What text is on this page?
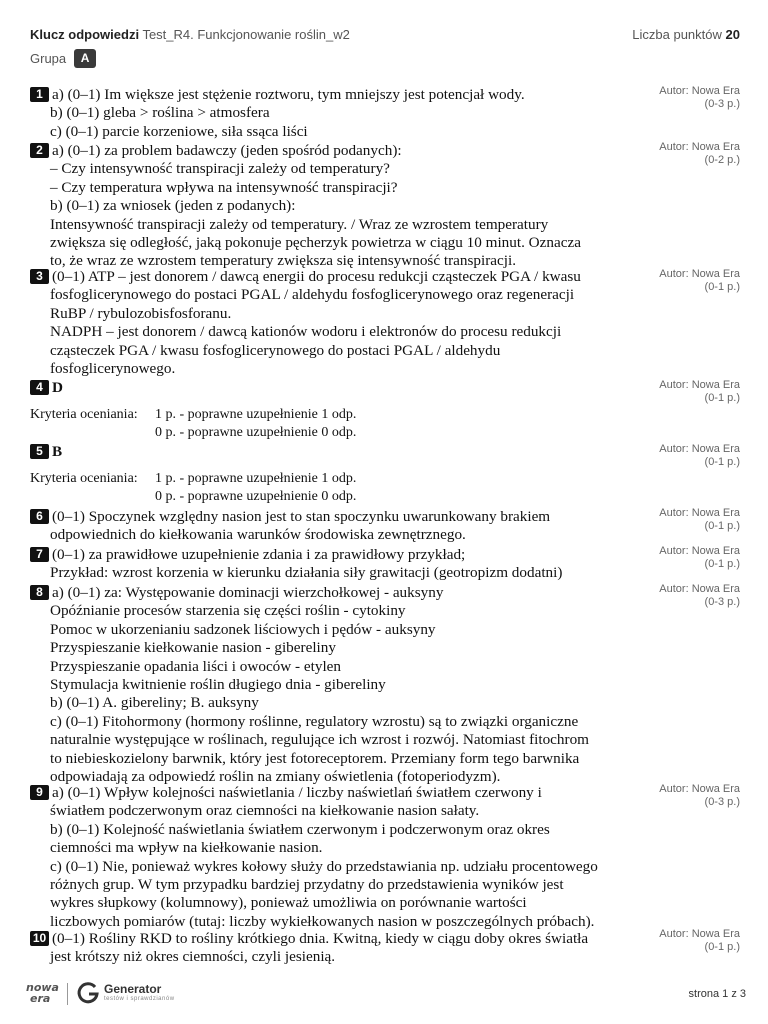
Klucz odpowiedzi Test_R4. Funkcjonowanie roślin_w2	Liczba punktów 20
Grupa	A

1 a) (0–1) Im większe jest stężenie roztworu, tym mniejszy jest potencjał wody.

b) (0–1) gleba > roślina > atmosfera

c) (0–1) parcie korzeniowe, siła ssąca liści

Autor: Nowa Era
(0-3 p.)

2 a) (0–1) za problem badawczy (jeden spośród podanych):

– Czy intensywność transpiracji zależy od temperatury?

– Czy temperatura wpływa na intensywność transpiracji?

b) (0–1) za wniosek (jeden z podanych):

Intensywność transpiracji zależy od temperatury. / Wraz ze wzrostem temperatury

zwiększa się odległość, jaką pokonuje pęcherzyk powietrza w ciągu 10 minut. Oznacza

to, że wraz ze wzrostem temperatury zwiększa się intensywność transpiracji.

Autor: Nowa Era
(0-2 p.)

3 (0–1) ATP – jest donorem / dawcą energii do procesu redukcji cząsteczek PGA / kwasu

fosfoglicerynowego do postaci PGAL / aldehydu fosfoglicerynowego oraz regeneracji

RuBP / rybulozobisfosforanu.

NADPH – jest donorem / dawcą kationów wodoru i elektronów do procesu redukcji

cząsteczek PGA / kwasu fosfoglicerynowego do postaci PGAL / aldehydu

fosfoglicerynowego.

Autor: Nowa Era
(0-1 p.)

4 D	Autor: Nowa Era
(0-1 p.)
Kryteria oceniania: 1 p. - poprawne uzupełnienie 1 odp.
0 p. - poprawne uzupełnienie 0 odp.

5 B	Autor: Nowa Era
(0-1 p.)
Kryteria oceniania: 1 p. - poprawne uzupełnienie 1 odp.
0 p. - poprawne uzupełnienie 0 odp.

6 (0–1) Spoczynek względny nasion jest to stan spoczynku uwarunkowany brakiem

odpowiednich do kiełkowania warunków środowiska zewnętrznego.

Autor: Nowa Era
(0-1 p.)

7 (0–1) za prawidłowe uzupełnienie zdania i za prawidłowy przykład;

Przykład: wzrost korzenia w kierunku działania siły grawitacji (geotropizm dodatni)

Autor: Nowa Era
(0-1 p.)

8 a) (0–1) za: Występowanie dominacji wierzchołkowej - auksyny

Opóźnianie procesów starzenia się części roślin - cytokiny

Pomoc w ukorzenianiu sadzonek liściowych i pędów - auksyny

Przyspieszanie kiełkowanie nasion - gibereliny

Przyspieszanie opadania liści i owoców - etylen

Stymulacja kwitnienie roślin długiego dnia - gibereliny

b) (0–1) A. gibereliny; B. auksyny

c) (0–1) Fitohormony (hormony roślinne, regulatory wzrostu) są to związki organiczne

naturalnie występujące w roślinach, regulujące ich wzrost i rozwój. Natomiast fitochrom

to niebieskozielony barwnik, który jest fotoreceptorem. Przemiany form tego barwnika

odpowiadają za odpowiedź roślin na zmiany oświetlenia (fotoperiodyzm).

Autor: Nowa Era
(0-3 p.)

9 a) (0–1) Wpływ kolejności naświetlania / liczby naświetlań światłem czerwony i

światłem podczerwonym oraz ciemności na kiełkowanie nasion sałaty.

b) (0–1) Kolejność naświetlania światłem czerwonym i podczerwonym oraz okres

ciemności ma wpływ na kiełkowanie nasion.

c) (0–1) Nie, ponieważ wykres kołowy służy do przedstawiania np. udziału procentowego

różnych grup. W tym przypadku bardziej przydatny do przedstawienia wyników jest

wykres słupkowy (kolumnowy), ponieważ umożliwia on porównanie wartości

liczbowych pomiarów (tutaj: liczby wykiełkowanych nasion w poszczególnych próbach).

Autor: Nowa Era
(0-3 p.)

10 (0–1) Rośliny RKD to rośliny krótkiego dnia. Kwitną, kiedy w ciągu doby okres światła

jest krótszy niż okres ciemności, czyli jesienią.

Autor: Nowa Era
(0-1 p.)
nowa
era
Generator
testów i sprawdzianów	strona 1 z 3
